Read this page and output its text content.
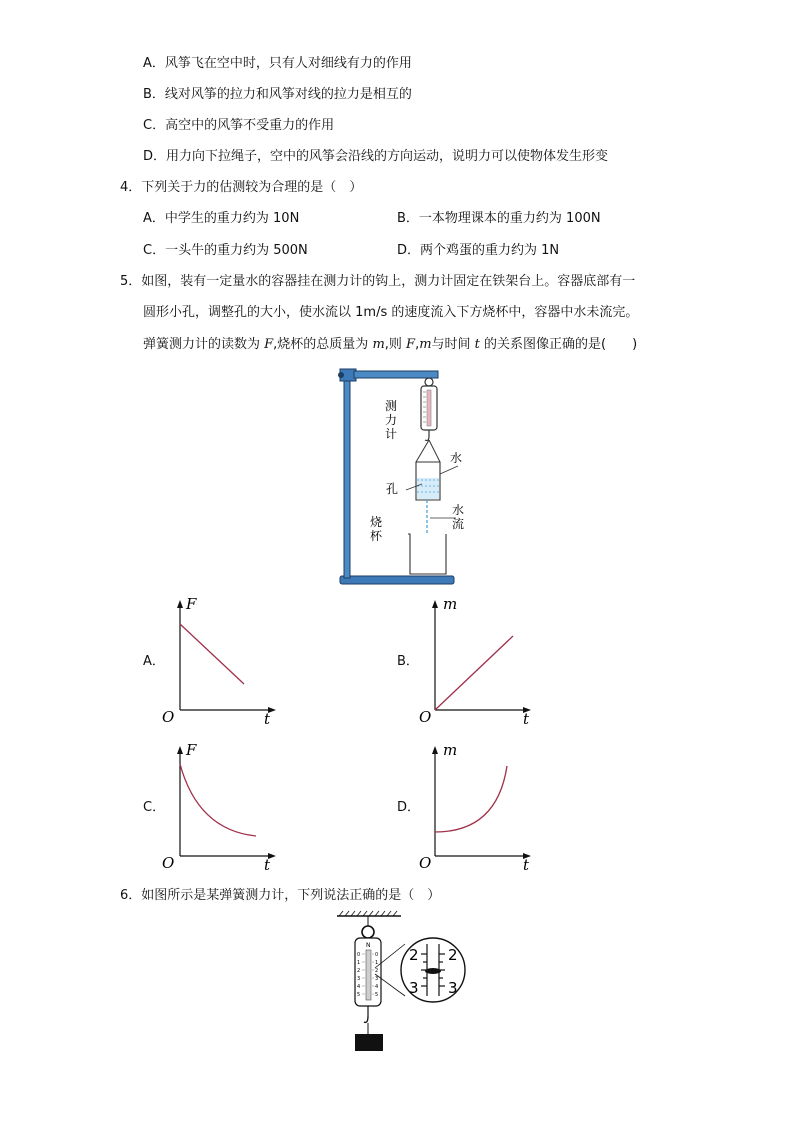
A．风筝飞在空中时，只有人对细线有力的作用
B．线对风筝的拉力和风筝对线的拉力是相互的
C．高空中的风筝不受重力的作用
D．用力向下拉绳子，空中的风筝会沿线的方向运动，说明力可以使物体发生形变
4．下列关于力的估测较为合理的是（　）
A．中学生的重力约为 10N	B．一本物理课本的重力约为 100N
C．一头牛的重力约为 500N	D．两个鸡蛋的重力约为 1N
5．如图，装有一定量水的容器挂在测力计的钩上，测力计固定在铁架台上。容器底部有一
圆形小孔，调整孔的大小，使水流以 1m/s 的速度流入下方烧杯中，容器中水未流完。
弹簧测力计的读数为 F,烧杯的总质量为 m,则 F,m与时间 t 的关系图像正确的是(　　)
测
力
计
水
孔
水
流
烧
杯
A．
F
t
O
B．
m
t
O
C．
F
t
O
D．
m
t
O
6．如图所示是某弹簧测力计，下列说法正确的是（　）
N
0
1
2
3
4
5
0
1
2
3
4
5
2 2
3 3
